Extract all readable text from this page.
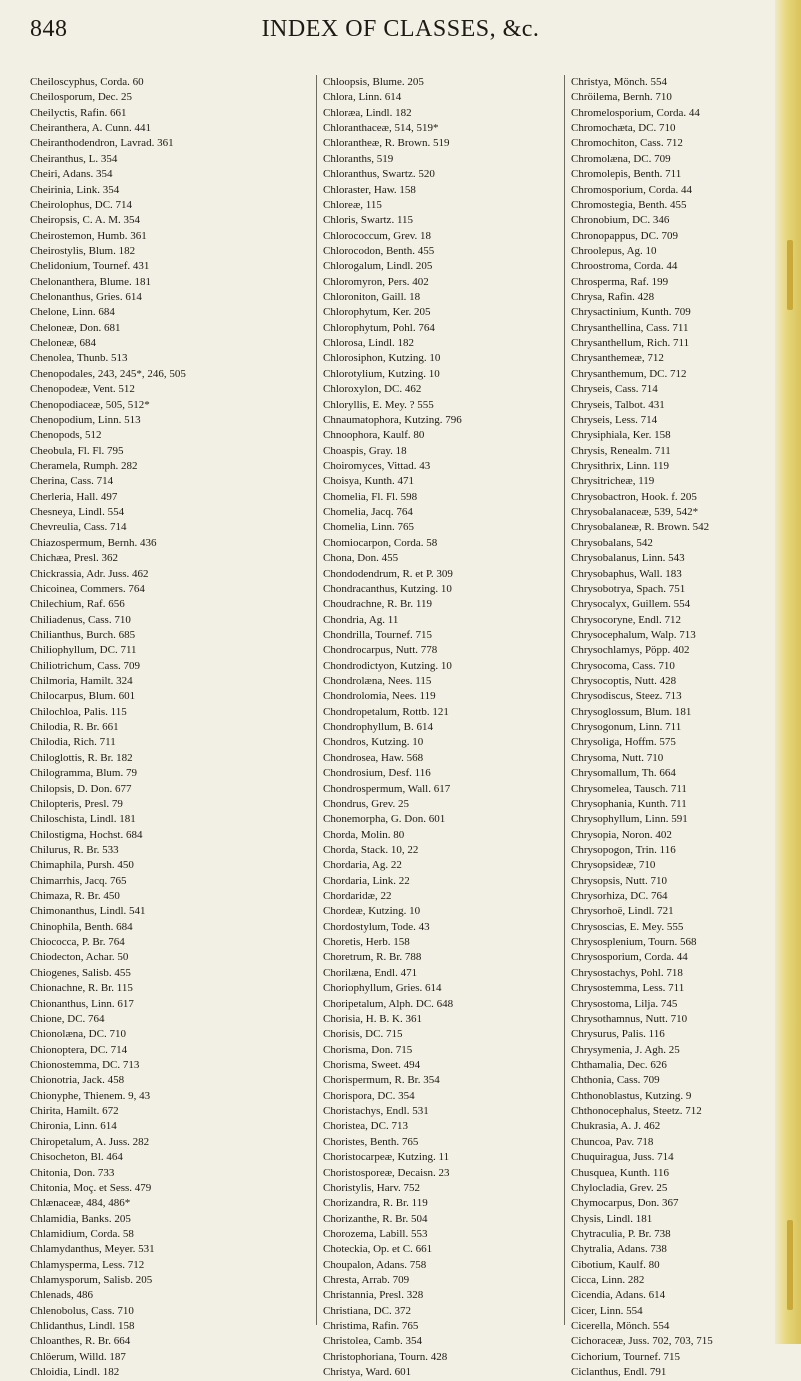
848	INDEX OF CLASSES, &c.
Cheiloscyphus, Corda. 60
Cheilosporum, Dec. 25
Cheilyctis, Rafin. 661
Cheiranthera, A. Cunn. 441
Cheiranthodendron, Lavrad. 361
Cheiranthus, L. 354
Cheiri, Adans. 354
Cheirinia, Link. 354
Cheirolophus, DC. 714
Cheiropsis, C. A. M. 354
Cheirostemon, Humb. 361
Cheirostylis, Blum. 182
Chelidonium, Tournef. 431
Chelonanthera, Blume. 181
Chelonanthus, Gries. 614
Chelone, Linn. 684
Cheloneæ, Don. 681
Cheloneæ, 684
Chenolea, Thunb. 513
Chenopodales, 243, 245*, 246, 505
Chenopodeæ, Vent. 512
Chenopodiaceæ, 505, 512*
Chenopodium, Linn. 513
Chenopods, 512
Cheobula, Fl. Fl. 795
Cheramela, Rumph. 282
Cherina, Cass. 714
Cherleria, Hall. 497
Chesneya, Lindl. 554
Chevreulia, Cass. 714
Chiazospermum, Bernh. 436
Chichæa, Presl. 362
Chickrassia, Adr. Juss. 462
Chicoinea, Commers. 764
Chilechium, Raf. 656
Chiliadenus, Cass. 710
Chilianthus, Burch. 685
Chiliophyllum, DC. 711
Chiliotrichum, Cass. 709
Chilmoria, Hamilt. 324
Chilocarpus, Blum. 601
Chilochloa, Palis. 115
Chilodia, R. Br. 661
Chilodia, Rich. 711
Chiloglottis, R. Br. 182
Chilogramma, Blum. 79
Chilopsis, D. Don. 677
Chilopteris, Presl. 79
Chiloschista, Lindl. 181
Chilostigma, Hochst. 684
Chilurus, R. Br. 533
Chimaphila, Pursh. 450
Chimarrhis, Jacq. 765
Chimaza, R. Br. 450
Chimonanthus, Lindl. 541
Chinophila, Benth. 684
Chiococca, P. Br. 764
Chiodecton, Achar. 50
Chiogenes, Salisb. 455
Chionachne, R. Br. 115
Chionanthus, Linn. 617
Chione, DC. 764
Chionolæna, DC. 710
Chionoptera, DC. 714
Chionostemma, DC. 713
Chionotria, Jack. 458
Chionyphe, Thienem. 9, 43
Chirita, Hamilt. 672
Chironia, Linn. 614
Chiropetalum, A. Juss. 282
Chisocheton, Bl. 464
Chitonia, Don. 733
Chitonia, Moç. et Sess. 479
Chlænaceæ, 484, 486*
Chlamidia, Banks. 205
Chlamidium, Corda. 58
Chlamydanthus, Meyer. 531
Chlamysperma, Less. 712
Chlamysporum, Salisb. 205
Chlenads, 486
Chlenobolus, Cass. 710
Chlidanthus, Lindl. 158
Chloanthes, R. Br. 664
Chlöerum, Willd. 187
Chloidia, Lindl. 182
Chloopsis, Blume. 205
Chlora, Linn. 614
Chloræa, Lindl. 182
Chloranthaceæ, 514, 519*
Chloranthеæ, R. Brown. 519
Chloranths, 519
Chloranthus, Swartz. 520
Chloraster, Haw. 158
Chloreæ, 115
Chloris, Swartz. 115
Chlorococcum, Grev. 18
Chlorocodon, Benth. 455
Chlorogalum, Lindl. 205
Chloromyron, Pers. 402
Chloroniton, Gaill. 18
Chlorophytum, Ker. 205
Chlorophytum, Pohl. 764
Chlorosa, Lindl. 182
Chlorosiphon, Kutzing. 10
Chlorotylium, Kutzing. 10
Chloroxylon, DC. 462
Chloryllis, E. Mey. ? 555
Chnaumatophora, Kutzing. 796
Chnoophora, Kaulf. 80
Choaspis, Gray. 18
Choiromyces, Vittad. 43
Choisya, Kunth. 471
Chomelia, Fl. Fl. 598
Chomelia, Jacq. 764
Chomelia, Linn. 765
Chomiocarpon, Corda. 58
Chona, Don. 455
Chondodendrum, R. et P. 309
Chondracanthus, Kutzing. 10
Choudrachne, R. Br. 119
Chondria, Ag. 11
Chondrilla, Tournef. 715
Chondrocarpus, Nutt. 778
Chondrodictyon, Kutzing. 10
Chondrolæna, Nees. 115
Chondrolomia, Nees. 119
Chondropetalum, Rottb. 121
Chondrophyllum, B. 614
Chondros, Kutzing. 10
Chondrosea, Haw. 568
Chondrosium, Desf. 116
Chondrospermum, Wall. 617
Chondrus, Grev. 25
Chonemorpha, G. Don. 601
Chorda, Molin. 80
Chorda, Stack. 10, 22
Chordaria, Ag. 22
Chordaria, Link. 22
Chordaridæ, 22
Chordeæ, Kutzing. 10
Chordostylum, Tode. 43
Choretis, Herb. 158
Choretrum, R. Br. 788
Chorilæna, Endl. 471
Choriophyllum, Gries. 614
Choripetalum, Alph. DC. 648
Chorisia, H. B. K. 361
Chorisis, DC. 715
Chorisma, Don. 715
Chorisma, Sweet. 494
Chorispermum, R. Br. 354
Chorispora, DC. 354
Choristachys, Endl. 531
Choristea, DC. 713
Choristes, Benth. 765
Choristocarpeæ, Kutzing. 11
Choristosporeæ, Decaisn. 23
Choristylis, Harv. 752
Chorizandra, R. Br. 119
Chorizanthe, R. Br. 504
Chorozema, Labill. 553
Choteckia, Op. et C. 661
Choupalon, Adans. 758
Chresta, Arrab. 709
Christannia, Presl. 328
Christiana, DC. 372
Christima, Rafin. 765
Christolea, Camb. 354
Christophoriana, Tourn. 428
Christya, Ward. 601
Christya, Mönch. 554
Chröilema, Bernh. 710
Chromelosporium, Corda. 44
Chromochæta, DC. 710
Chromochiton, Cass. 712
Chromolæna, DC. 709
Chromolepis, Benth. 711
Chromosporium, Corda. 44
Chromostegia, Benth. 455
Chronobium, DC. 346
Chronopappus, DC. 709
Chroolepus, Ag. 10
Chroostroma, Corda. 44
Chrosperma, Raf. 199
Chrysa, Rafin. 428
Chrysactinium, Kunth. 709
Chrysanthellina, Cass. 711
Chrysanthellum, Rich. 711
Chrysanthemeæ, 712
Chrysanthemum, DC. 712
Chryseis, Cass. 714
Chryseis, Talbot. 431
Chryseis, Less. 714
Chrysiphiala, Ker. 158
Chrysis, Renealm. 711
Chrysithrix, Linn. 119
Chrysitricheæ, 119
Chrysobactron, Hook. f. 205
Chrysobalanaceæ, 539, 542*
Chrysobalaneæ, R. Brown. 542
Chrysobalans, 542
Chrysobalanus, Linn. 543
Chrysobaphus, Wall. 183
Chrysobotrya, Spach. 751
Chrysocalyx, Guillem. 554
Chrysocoryne, Endl. 712
Chrysocephalum, Walp. 713
Chrysochlamys, Pöpp. 402
Chrysocoma, Cass. 710
Chrysocoptis, Nutt. 428
Chrysodiscus, Steez. 713
Chrysoglossum, Blum. 181
Chrysogonum, Linn. 711
Chrysoliga, Hoffm. 575
Chrysoma, Nutt. 710
Chrysomallum, Th. 664
Chrysomelea, Tausch. 711
Chrysophania, Kunth. 711
Chrysophyllum, Linn. 591
Chrysopia, Noron. 402
Chrysopogon, Trin. 116
Chrysopsideæ, 710
Chrysopsis, Nutt. 710
Chrysorhiza, DC. 764
Chrysorhoë, Lindl. 721
Chrysoscias, E. Mey. 555
Chrysosplenium, Tourn. 568
Chrysosporium, Corda. 44
Chrysostachys, Pohl. 718
Chrysostemma, Less. 711
Chrysostoma, Lilja. 745
Chrysothamnus, Nutt. 710
Chrysurus, Palis. 116
Chrysymenia, J. Agh. 25
Chthamalia, Dec. 626
Chthonia, Cass. 709
Chthonoblastus, Kutzing. 9
Chthonocephalus, Steetz. 712
Chukrasia, A. J. 462
Chuncoa, Pav. 718
Chuquiragua, Juss. 714
Chusquea, Kunth. 116
Chylocladia, Grev. 25
Chymocarpus, Don. 367
Chysis, Lindl. 181
Chytraculia, P. Br. 738
Chytralia, Adans. 738
Cibotium, Kaulf. 80
Cicca, Linn. 282
Cicendia, Adans. 614
Cicer, Linn. 554
Cicerella, Mönch. 554
Cichoraceæ, Juss. 702, 703, 715
Cichorium, Tournef. 715
Ciclanthus, Endl. 791
